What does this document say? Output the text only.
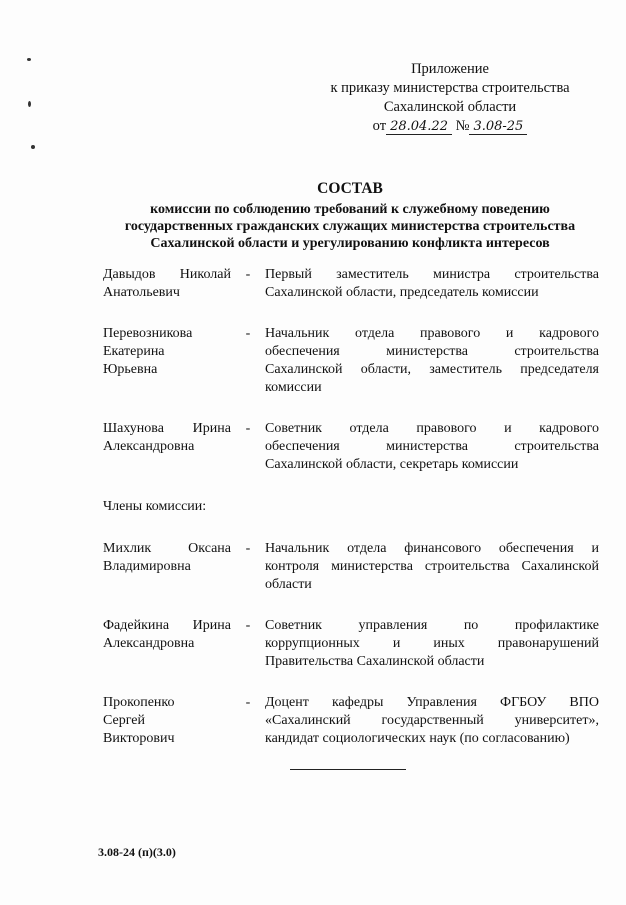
Приложение
к приказу министерства строительства
Сахалинской области
от 28.04.22 № 3.08-25
СОСТАВ
комиссии по соблюдению требований к служебному поведению
государственных гражданских служащих министерства строительства
Сахалинской области и урегулированию конфликта интересов
Давыдов Николай
Анатольевич
-	Первый заместитель министра строительства
Сахалинской области, председатель комиссии
Перевозникова
Екатерина
Юрьевна
-	Начальник отдела правового и кадрового
обеспечения министерства строительства
Сахалинской области, заместитель председателя
комиссии
Шахунова Ирина
Александровна
-	Советник отдела правового и кадрового
обеспечения министерства строительства
Сахалинской области, секретарь комиссии
Члены комиссии:
Михлик Оксана
Владимировна
-	Начальник отдела финансового обеспечения и
контроля министерства строительства Сахалинской
области
Фадейкина Ирина
Александровна
-	Советник управления по профилактике
коррупционных и иных правонарушений
Правительства Сахалинской области
Прокопенко
Сергей
Викторович
-	Доцент кафедры Управления ФГБОУ ВПО
«Сахалинский государственный университет»,
кандидат социологических наук (по согласованию)
3.08-24 (п)(3.0)
